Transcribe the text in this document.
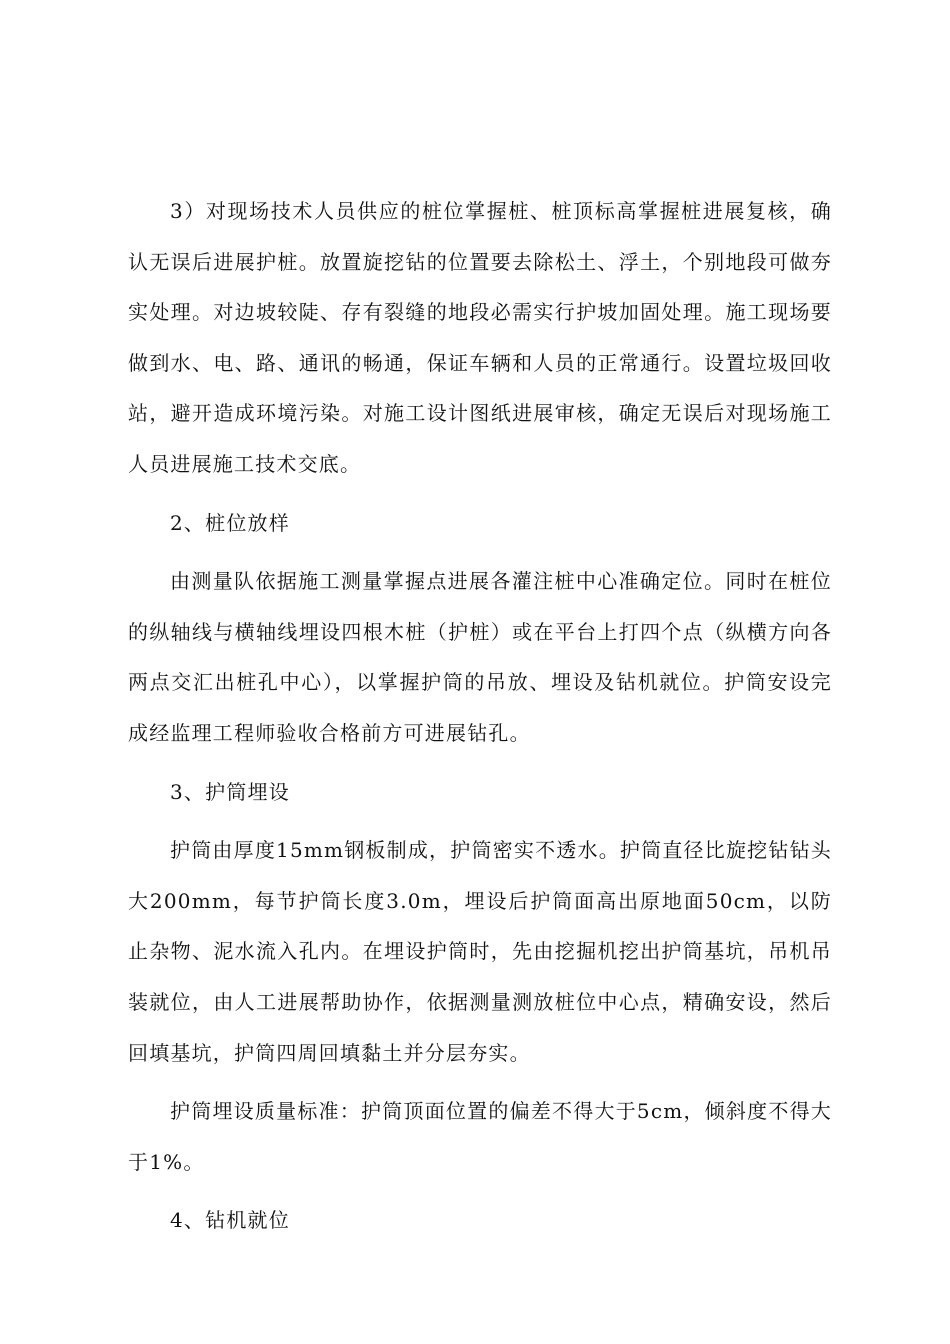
3）对现场技术人员供应的桩位掌握桩、桩顶标高掌握桩进展复核，确认无误后进展护桩。放置旋挖钻的位置要去除松土、浮土，个别地段可做夯实处理。对边坡较陡、存有裂缝的地段必需实行护坡加固处理。施工现场要做到水、电、路、通讯的畅通，保证车辆和人员的正常通行。设置垃圾回收站，避开造成环境污染。对施工设计图纸进展审核，确定无误后对现场施工人员进展施工技术交底。

2、桩位放样

由测量队依据施工测量掌握点进展各灌注桩中心准确定位。同时在桩位的纵轴线与横轴线埋设四根木桩（护桩）或在平台上打四个点（纵横方向各两点交汇出桩孔中心），以掌握护筒的吊放、埋设及钻机就位。护筒安设完成经监理工程师验收合格前方可进展钻孔。

3、护筒埋设

护筒由厚度15mm钢板制成，护筒密实不透水。护筒直径比旋挖钻钻头大200mm，每节护筒长度3.0m，埋设后护筒面高出原地面50cm，以防止杂物、泥水流入孔内。在埋设护筒时，先由挖掘机挖出护筒基坑，吊机吊装就位，由人工进展帮助协作，依据测量测放桩位中心点，精确安设，然后回填基坑，护筒四周回填黏土并分层夯实。

护筒埋设质量标准：护筒顶面位置的偏差不得大于5cm，倾斜度不得大于1%。

4、钻机就位
